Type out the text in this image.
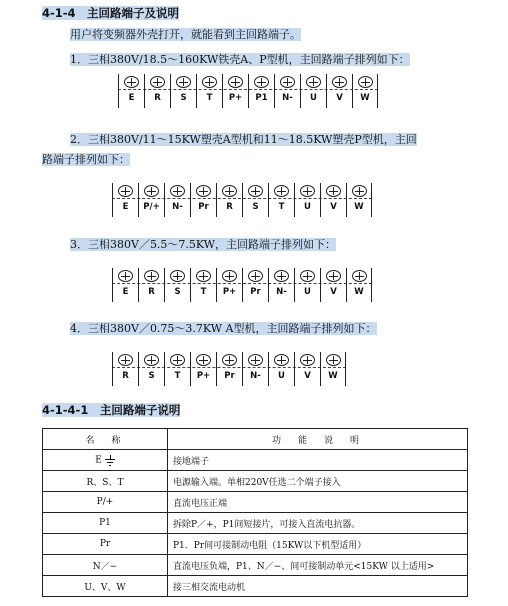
4-1-4　主回路端子及说明
用户将变频器外壳打开，就能看到主回路端子。
1．三相380V/18.5～160KW铁壳A、P型机，主回路端子排列如下：
E	R	S	T	P+	P1	N-	U	V	W
2．三相380V/11～15KW塑壳A型机和11～18.5KW塑壳P型机，主回
路端子排列如下：
E	P/+	N-	Pr	R	S	T	U	V	W
3．三相380V／5.5～7.5KW，主回路端子排列如下：
E	R	S	T	P+	Pr	N-	U	V	W
4．三相380V／0.75～3.7KW A型机，主回路端子排列如下：
R	S	T	P+	Pr	N-	U	V	W
4-1-4-1　主回路端子说明
名　称	功　能　说　明
E	接地端子
R、S、T	电源输入端。单相220V任选二个端子接入
P/+	直流电压正端
P1	拆除P／+，P1间短接片，可接入直流电抗器。
Pr	P1．Pr间可接制动电阻（15KW以下机型适用）
N／−	直流电压负端，P1、N／−、间可接制动单元<15KW 以上适用>
U、V、W	接三相交流电动机
